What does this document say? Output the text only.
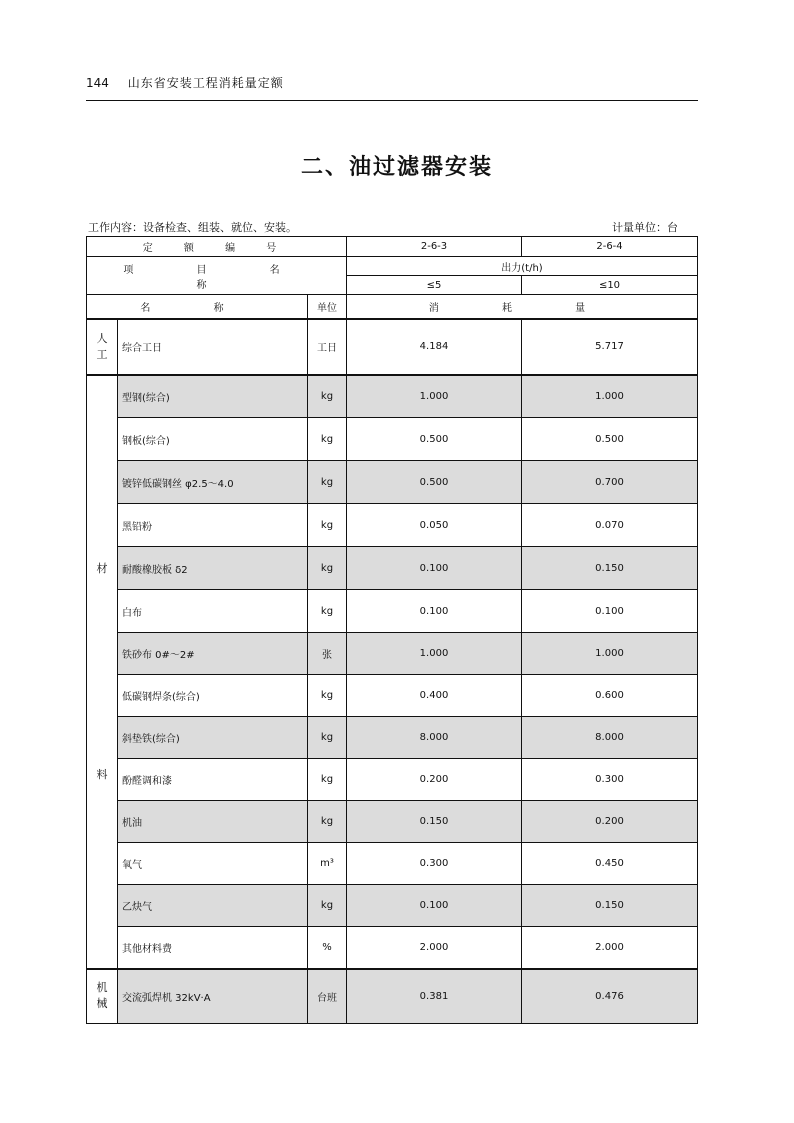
144 山东省安装工程消耗量定额
二、油过滤器安装
工作内容：设备检查、组装、就位、安装。	计量单位：台
定 额 编 号			2-6-3	2-6-4
项 目 名 称			出力(t/h)	
			≤5	≤10
名 称		单位	消 耗 量	
人工	综合工日	工日	4.184	5.717

材
料	型钢(综合)	kg	1.000	1.000
	钢板(综合)	kg	0.500	0.500
	镀锌低碳钢丝 φ2.5～4.0	kg	0.500	0.700
	黑铅粉	kg	0.050	0.070
	耐酸橡胶板 δ2	kg	0.100	0.150
	白布	kg	0.100	0.100
	铁砂布 0#～2#	张	1.000	1.000
	低碳钢焊条(综合)	kg	0.400	0.600
	斜垫铁(综合)	kg	8.000	8.000
	酚醛调和漆	kg	0.200	0.300
	机油	kg	0.150	0.200
	氧气	m³	0.300	0.450
	乙炔气	kg	0.100	0.150
	其他材料费	%	2.000	2.000
机械	交流弧焊机 32kV·A	台班	0.381	0.476
